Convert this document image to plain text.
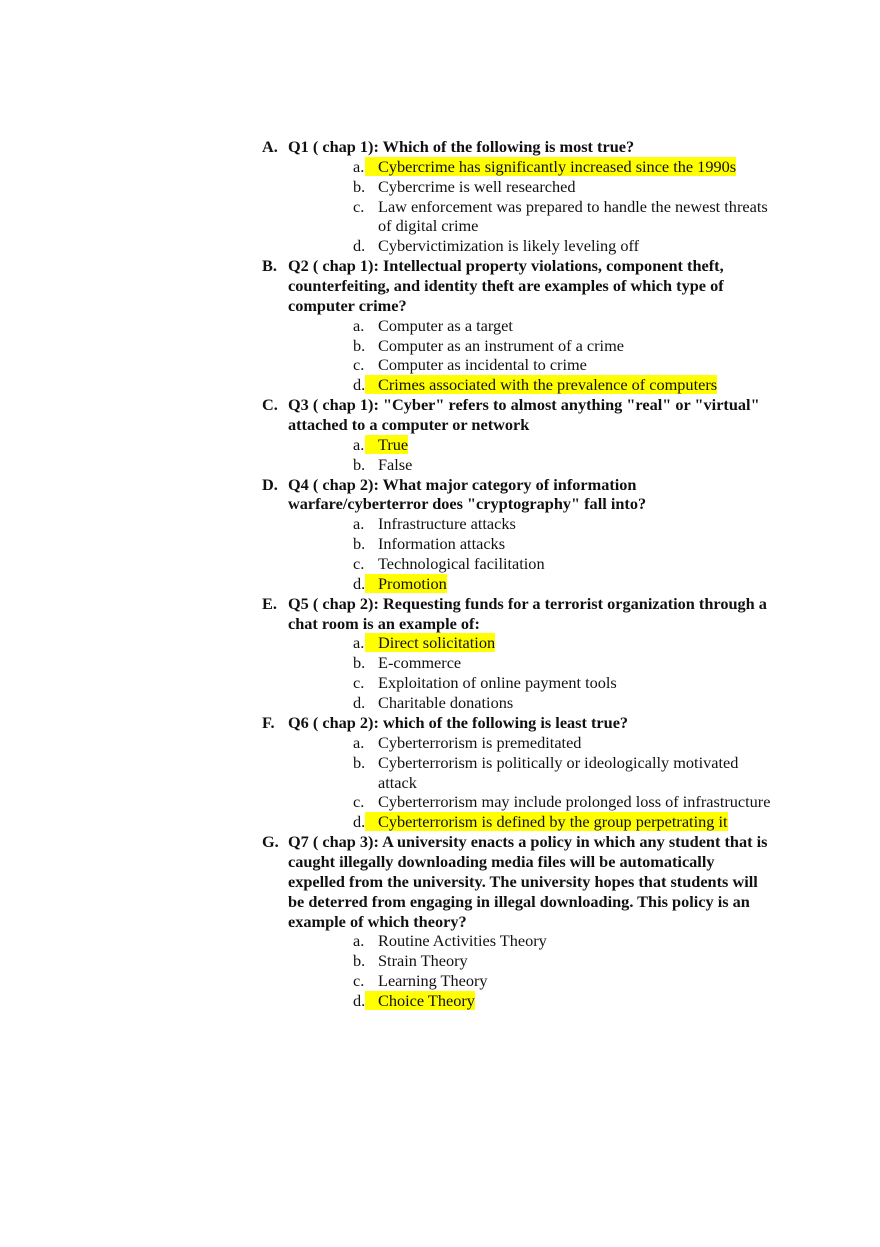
A. Q1 ( chap 1): Which of the following is most true?
a. Cybercrime has significantly increased since the 1990s
b. Cybercrime is well researched
c. Law enforcement was prepared to handle the newest threats of digital crime
d. Cybervictimization is likely leveling off
B. Q2 ( chap 1): Intellectual property violations, component theft, counterfeiting, and identity theft are examples of which type of computer crime?
a. Computer as a target
b. Computer as an instrument of a crime
c. Computer as incidental to crime
d. Crimes associated with the prevalence of computers
C. Q3 ( chap 1): "Cyber" refers to almost anything "real" or "virtual" attached to a computer or network
a. True
b. False
D. Q4 ( chap 2): What major category of information warfare/cyberterror does "cryptography" fall into?
a. Infrastructure attacks
b. Information attacks
c. Technological facilitation
d. Promotion
E. Q5 ( chap 2): Requesting funds for a terrorist organization through a chat room is an example of:
a. Direct solicitation
b. E-commerce
c. Exploitation of online payment tools
d. Charitable donations
F. Q6 ( chap 2): which of the following is least true?
a. Cyberterrorism is premeditated
b. Cyberterrorism is politically or ideologically motivated attack
c. Cyberterrorism may include prolonged loss of infrastructure
d. Cyberterrorism is defined by the group perpetrating it
G. Q7 ( chap 3): A university enacts a policy in which any student that is caught illegally downloading media files will be automatically expelled from the university. The university hopes that students will be deterred from engaging in illegal downloading. This policy is an example of which theory?
a. Routine Activities Theory
b. Strain Theory
c. Learning Theory
d. Choice Theory
